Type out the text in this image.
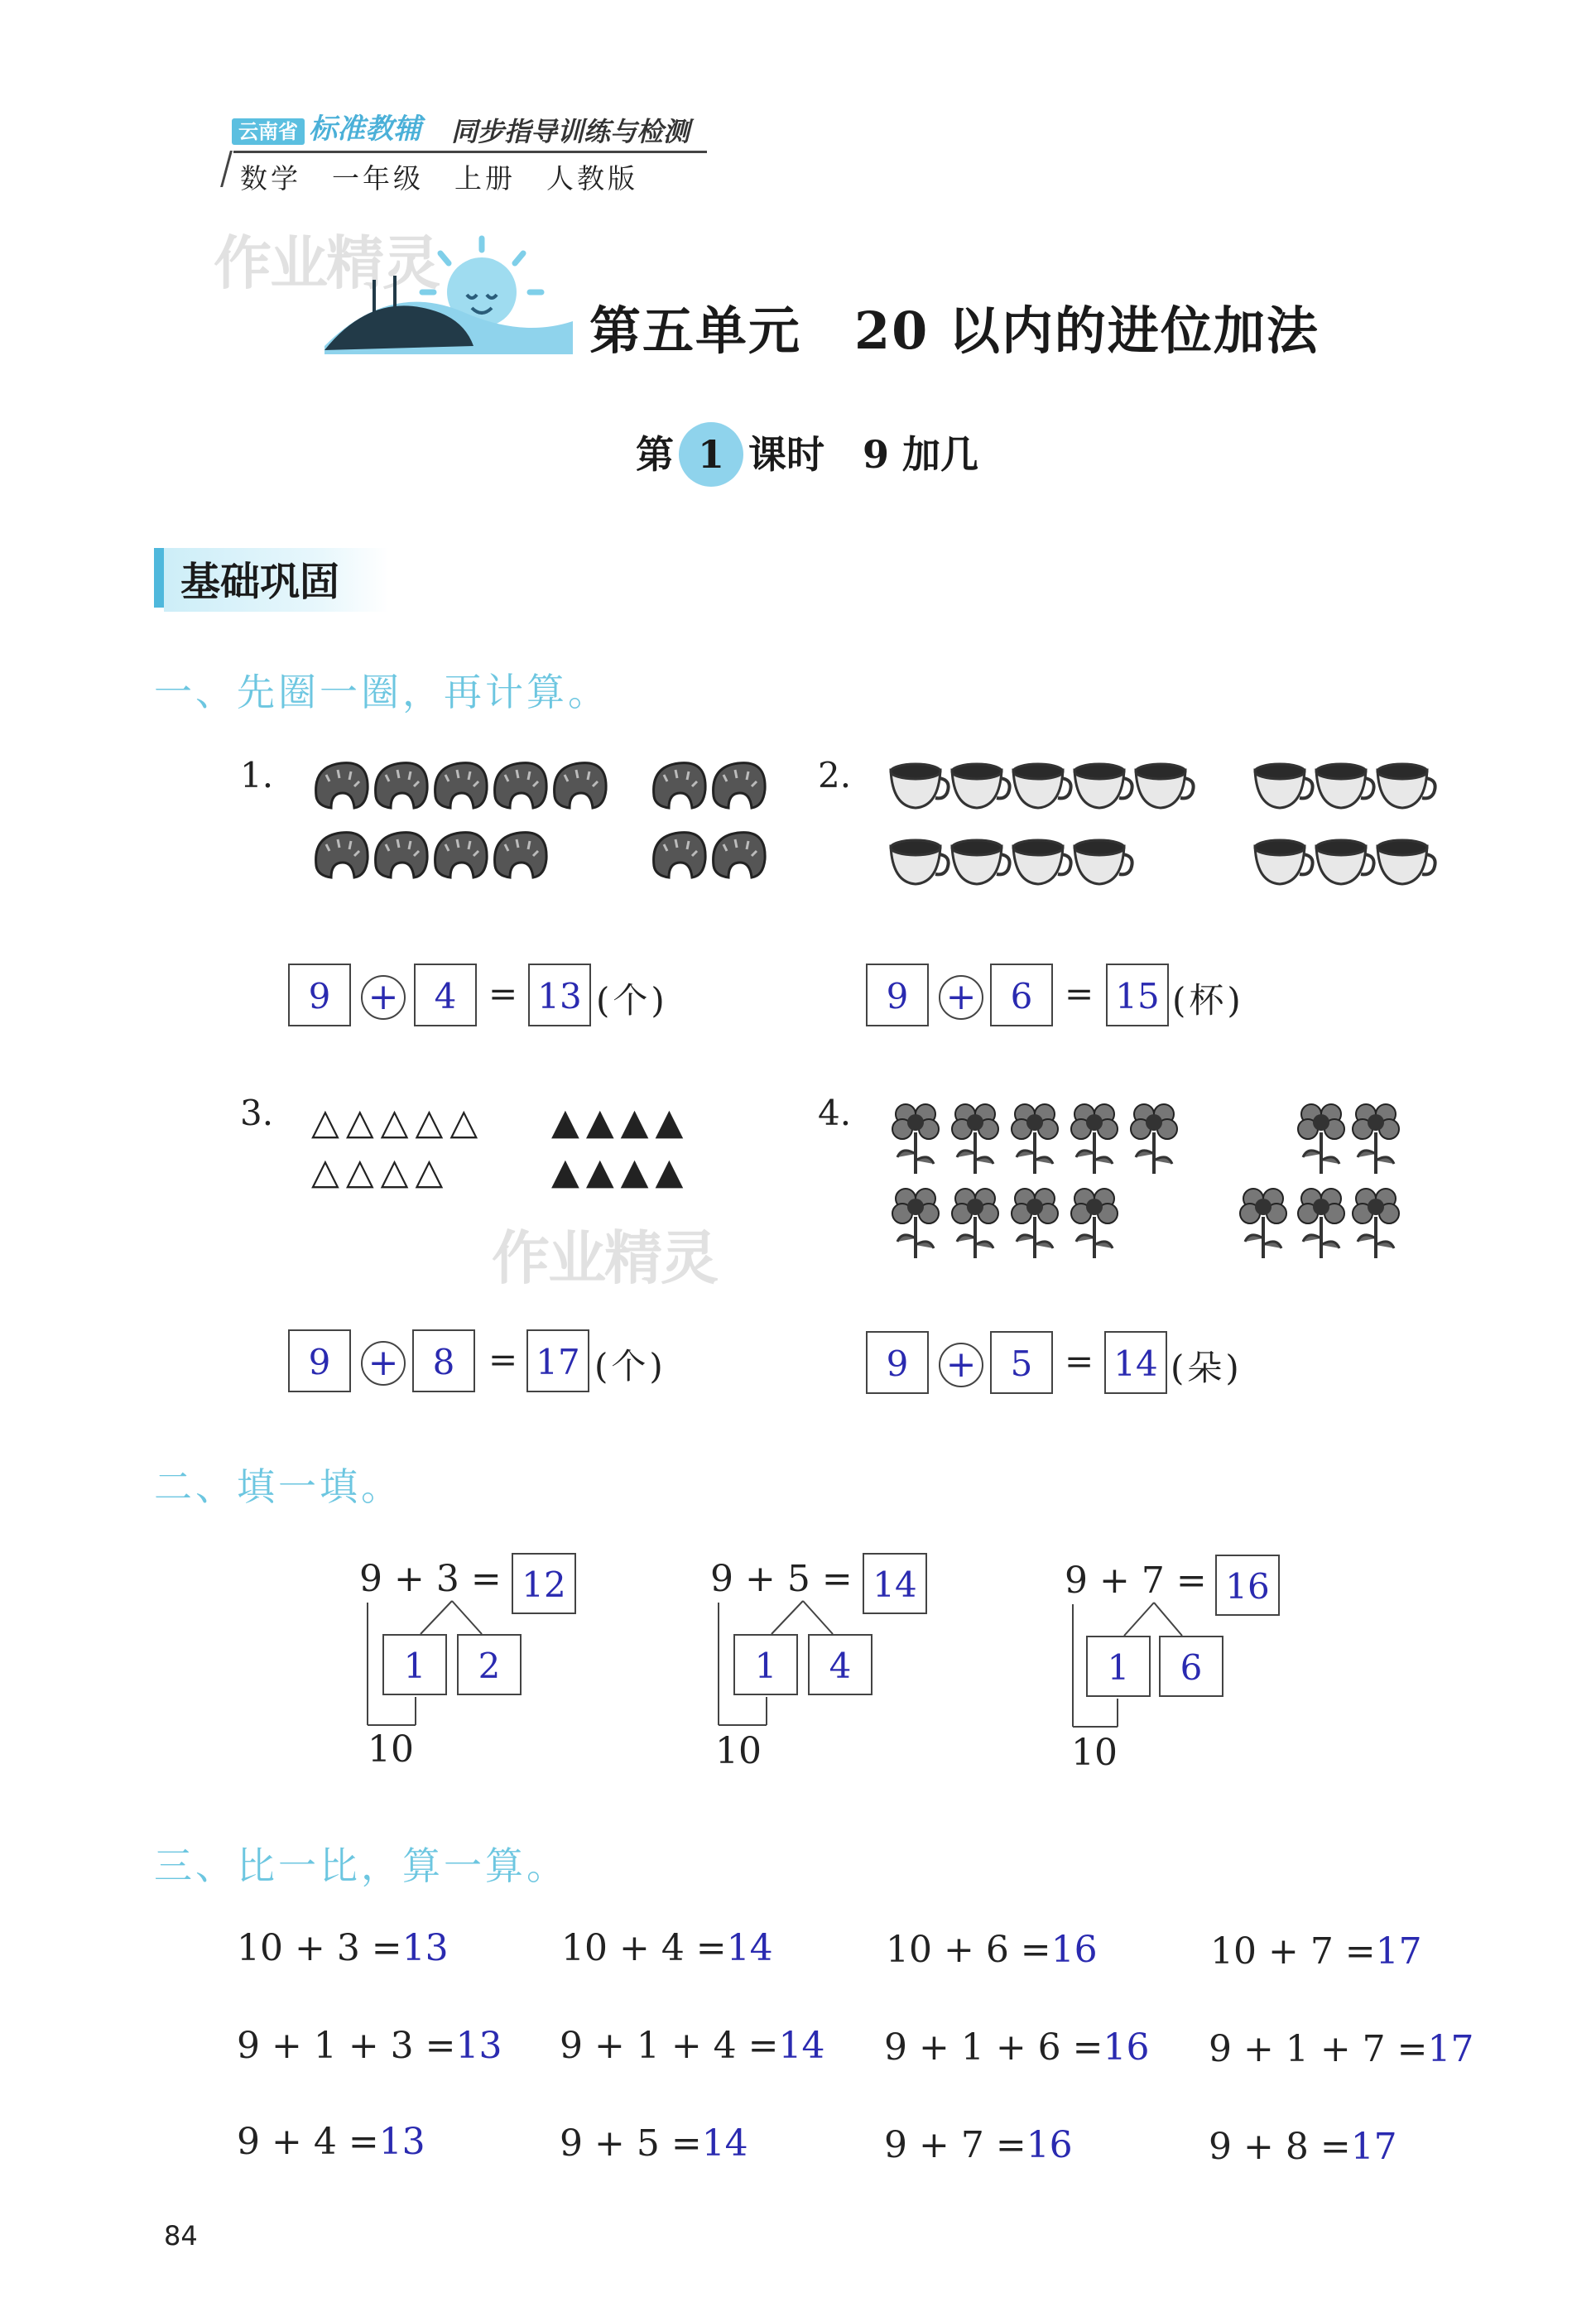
云南省 标准教辅 同步指导训练与检测
数学　一年级　上册　人教版
作业精灵
第五单元　20 以内的进位加法
第 1 课时　9 加几
基础巩固
一、先圈一圈，再计算。
1.
9	+	4 = 13 (个)
2.
9	+ 6 = 15 (杯)
3. △△△△△
△△△△
▲▲▲▲
▲▲▲▲
作业精灵
9	+ 8 = 17 (个)
4.
9	+ 5 = 14 (朵)
二、填一填。
9 + 3 = 12
1	2
10
9 + 5 = 14
1	4
10
9 + 7 = 16
1	6
10
三、比一比，算一算。
10 + 3 =13	10 + 4 =14	10 + 6 =16	10 + 7 =17
9 + 1 + 3 =13 9 + 1 + 4 =14 9 + 1 + 6 =16 9 + 1 + 7 =17
9 + 4 =13	9 + 5 =14	9 + 7 =16	9 + 8 =17
84
